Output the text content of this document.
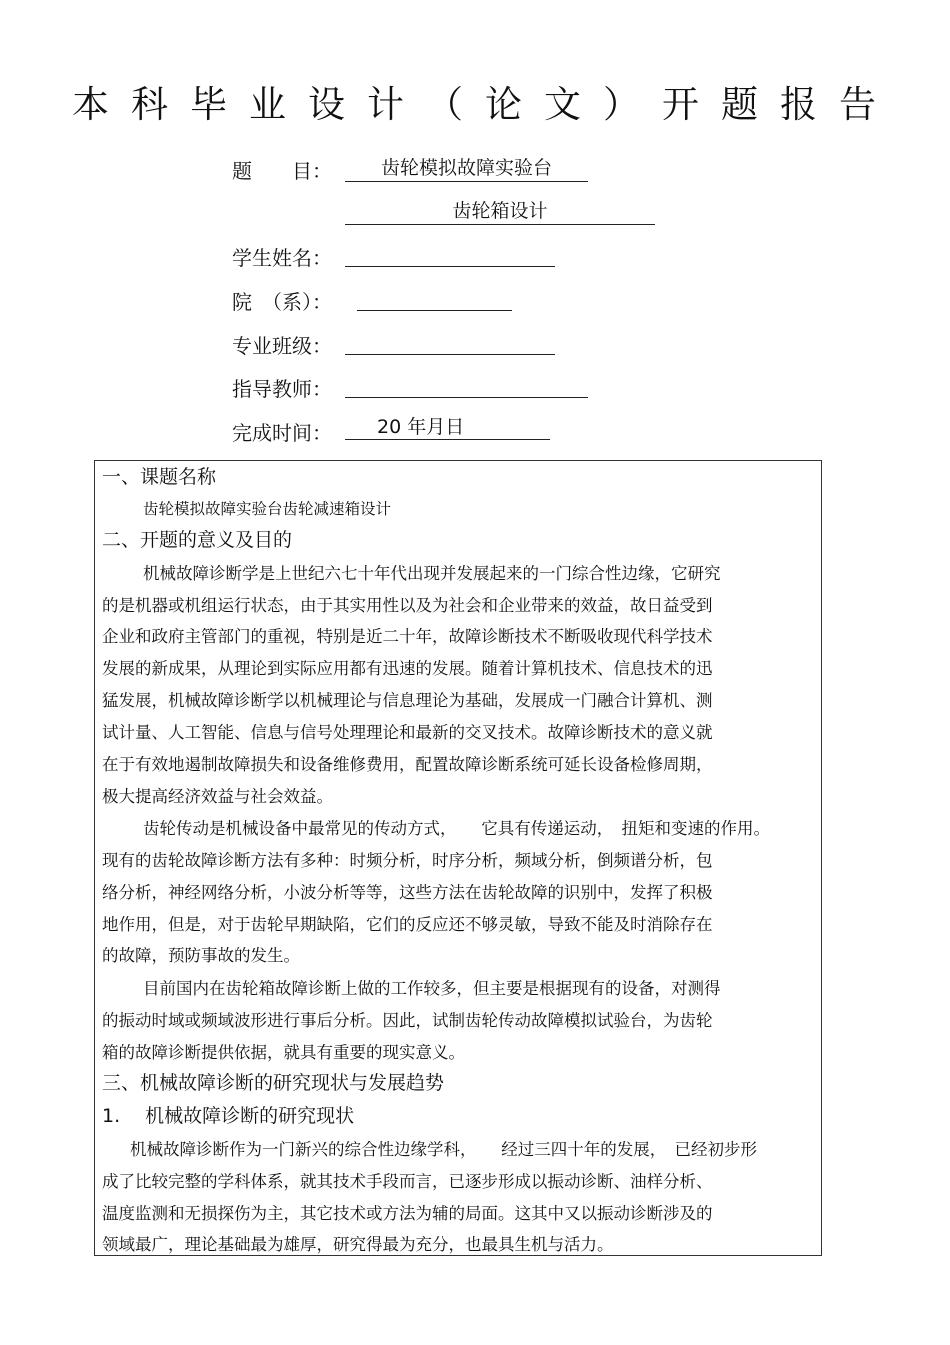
本科毕业设计（论文）开题报告
题　　目：	齿轮模拟故障实验台
齿轮箱设计
学生姓名：
院　（系）：
专业班级：
指导教师：
完成时间：	20 年月日
一、课题名称
齿轮模拟故障实验台齿轮减速箱设计
二、开题的意义及目的
机械故障诊断学是上世纪六七十年代出现并发展起来的一门综合性边缘，它研究
的是机器或机组运行状态，由于其实用性以及为社会和企业带来的效益，故日益受到
企业和政府主管部门的重视，特别是近二十年，故障诊断技术不断吸收现代科学技术
发展的新成果，从理论到实际应用都有迅速的发展。随着计算机技术、信息技术的迅
猛发展，机械故障诊断学以机械理论与信息理论为基础，发展成一门融合计算机、测
试计量、人工智能、信息与信号处理理论和最新的交叉技术。故障诊断技术的意义就
在于有效地遏制故障损失和设备维修费用，配置故障诊断系统可延长设备检修周期，
极大提高经济效益与社会效益。
齿轮传动是机械设备中最常见的传动方式，　　它具有传递运动，　扭矩和变速的作用。
现有的齿轮故障诊断方法有多种：时频分析，时序分析，频域分析，倒频谱分析，包
络分析，神经网络分析，小波分析等等，这些方法在齿轮故障的识别中，发挥了积极
地作用，但是，对于齿轮早期缺陷，它们的反应还不够灵敏，导致不能及时消除存在
的故障，预防事故的发生。
目前国内在齿轮箱故障诊断上做的工作较多，但主要是根据现有的设备，对测得
的振动时域或频域波形进行事后分析。因此，试制齿轮传动故障模拟试验台，为齿轮
箱的故障诊断提供依据，就具有重要的现实意义。
三、机械故障诊断的研究现状与发展趋势
1.　 机械故障诊断的研究现状
机械故障诊断作为一门新兴的综合性边缘学科，　　经过三四十年的发展，　已经初步形
成了比较完整的学科体系，就其技术手段而言，已逐步形成以振动诊断、油样分析、
温度监测和无损探伤为主，其它技术或方法为辅的局面。这其中又以振动诊断涉及的
领域最广，理论基础最为雄厚，研究得最为充分，也最具生机与活力。
